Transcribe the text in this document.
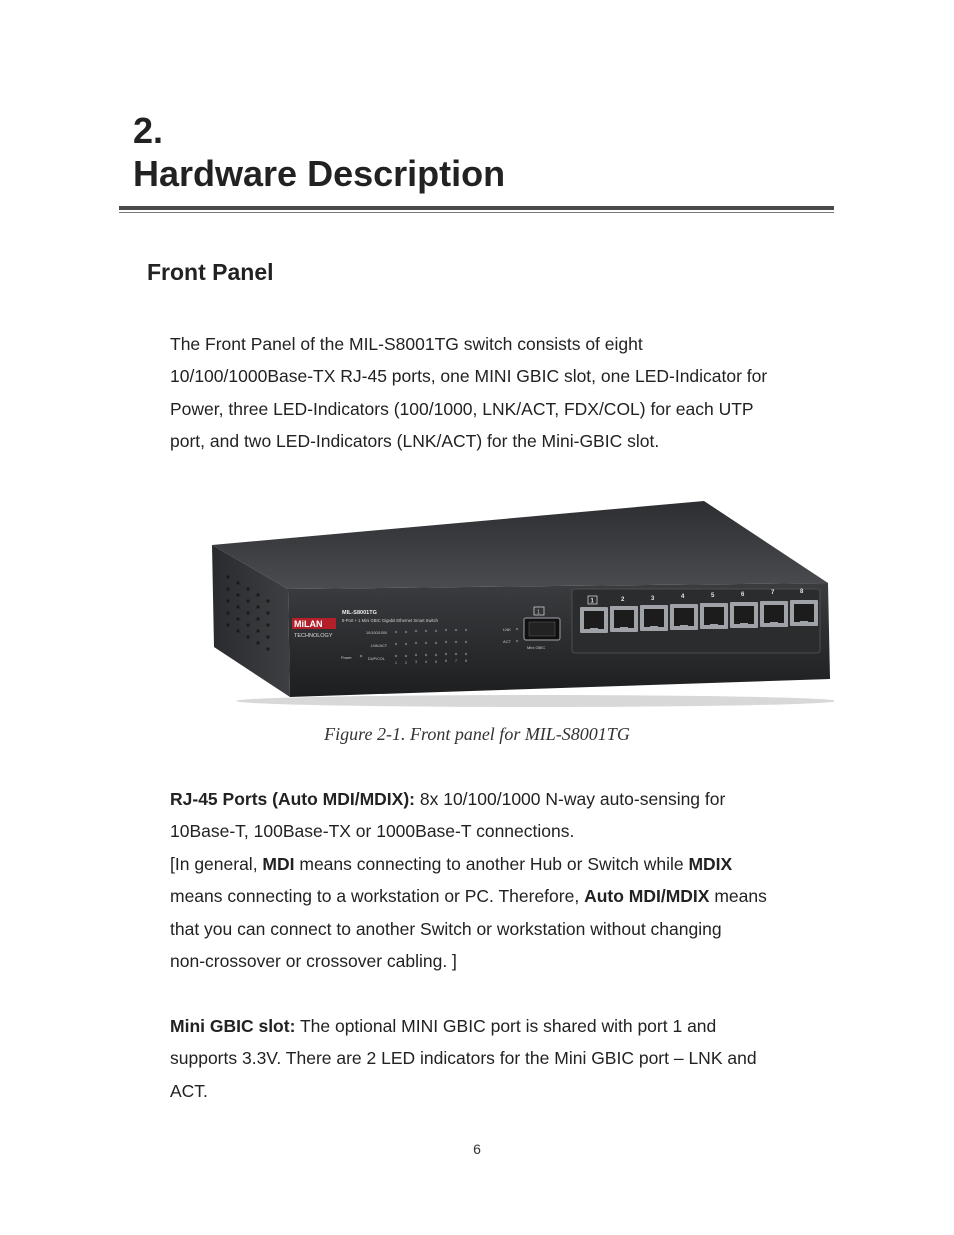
2.
Hardware Description
Front Panel

The Front Panel of the MIL-S8001TG switch consists of eight
10/100/1000Base-TX RJ-45 ports, one MINI GBIC slot, one LED-Indicator for
Power, three LED-Indicators (100/1000, LNK/ACT, FDX/COL) for each UTP
port, and two LED-Indicators (LNK/ACT) for the Mini-GBIC slot.

MiLAN
TECHNOLOGY
MIL-S8001TG
8-Port + 1 Mini GBIC Gigabit Ethernet Smart Switch
10/100/1000
LNK/ACT
Power	DUP/COL
1 2 3 4 5 6 7 8
LNK
ACT
1
Mini GBIC
1	2	3	4	5	6	7	8
Figure 2-1. Front panel for MIL-S8001TG

RJ-45 Ports (Auto MDI/MDIX): 8x 10/100/1000 N-way auto-sensing for
10Base-T, 100Base-TX or 1000Base-T connections.
[In general, MDI means connecting to another Hub or Switch while MDIX
means connecting to a workstation or PC. Therefore, Auto MDI/MDIX means
that you can connect to another Switch or workstation without changing
non-crossover or crossover cabling. ]

Mini GBIC slot: The optional MINI GBIC port is shared with port 1 and
supports 3.3V. There are 2 LED indicators for the Mini GBIC port – LNK and
ACT.

6
